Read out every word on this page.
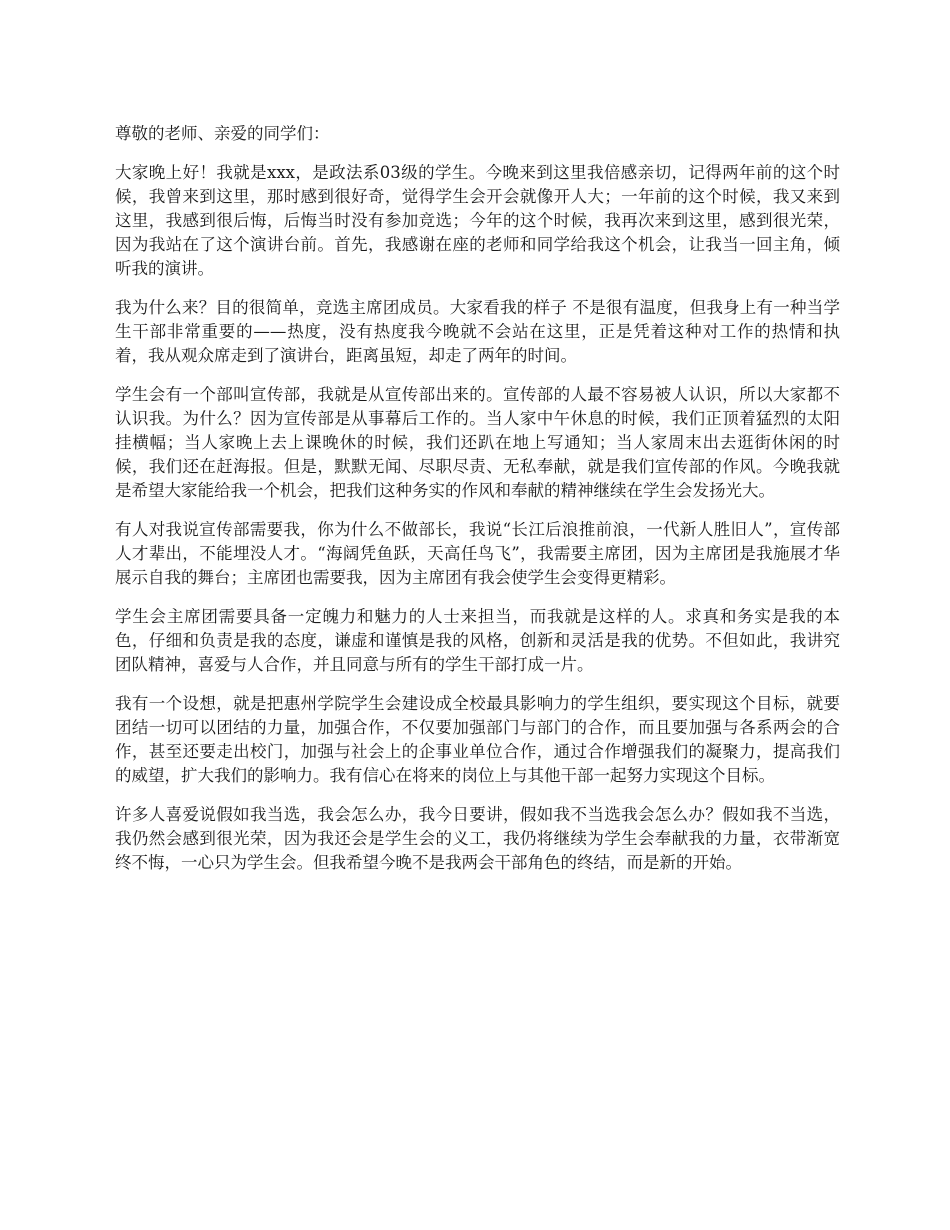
尊敬的老师、亲爱的同学们：

大家晚上好！我就是xxx，是政法系03级的学生。今晚来到这里我倍感亲切，记得两年前的这个时候，我曾来到这里，那时感到很好奇，觉得学生会开会就像开人大；一年前的这个时候，我又来到这里，我感到很后悔，后悔当时没有参加竞选；今年的这个时候，我再次来到这里，感到很光荣，因为我站在了这个演讲台前。首先，我感谢在座的老师和同学给我这个机会，让我当一回主角，倾听我的演讲。

我为什么来？目的很简单，竞选主席团成员。大家看我的样子 不是很有温度，但我身上有一种当学生干部非常重要的——热度，没有热度我今晚就不会站在这里，正是凭着这种对工作的热情和执着，我从观众席走到了演讲台，距离虽短，却走了两年的时间。

学生会有一个部叫宣传部，我就是从宣传部出来的。宣传部的人最不容易被人认识，所以大家都不认识我。为什么？因为宣传部是从事幕后工作的。当人家中午休息的时候，我们正顶着猛烈的太阳挂横幅；当人家晚上去上课晚休的时候，我们还趴在地上写通知；当人家周末出去逛街休闲的时候，我们还在赶海报。但是，默默无闻、尽职尽责、无私奉献，就是我们宣传部的作风。今晚我就是希望大家能给我一个机会，把我们这种务实的作风和奉献的精神继续在学生会发扬光大。

有人对我说宣传部需要我，你为什么不做部长，我说“长江后浪推前浪，一代新人胜旧人”，宣传部人才辈出，不能埋没人才。“海阔凭鱼跃，天高任鸟飞”，我需要主席团，因为主席团是我施展才华展示自我的舞台；主席团也需要我，因为主席团有我会使学生会变得更精彩。

学生会主席团需要具备一定魄力和魅力的人士来担当，而我就是这样的人。求真和务实是我的本色，仔细和负责是我的态度，谦虚和谨慎是我的风格，创新和灵活是我的优势。不但如此，我讲究团队精神，喜爱与人合作，并且同意与所有的学生干部打成一片。

我有一个设想，就是把惠州学院学生会建设成全校最具影响力的学生组织，要实现这个目标，就要团结一切可以团结的力量，加强合作，不仅要加强部门与部门的合作，而且要加强与各系两会的合作，甚至还要走出校门，加强与社会上的企事业单位合作，通过合作增强我们的凝聚力，提高我们的威望，扩大我们的影响力。我有信心在将来的岗位上与其他干部一起努力实现这个目标。

许多人喜爱说假如我当选，我会怎么办，我今日要讲，假如我不当选我会怎么办？假如我不当选，我仍然会感到很光荣，因为我还会是学生会的义工，我仍将继续为学生会奉献我的力量，衣带渐宽终不悔，一心只为学生会。但我希望今晚不是我两会干部角色的终结，而是新的开始。
